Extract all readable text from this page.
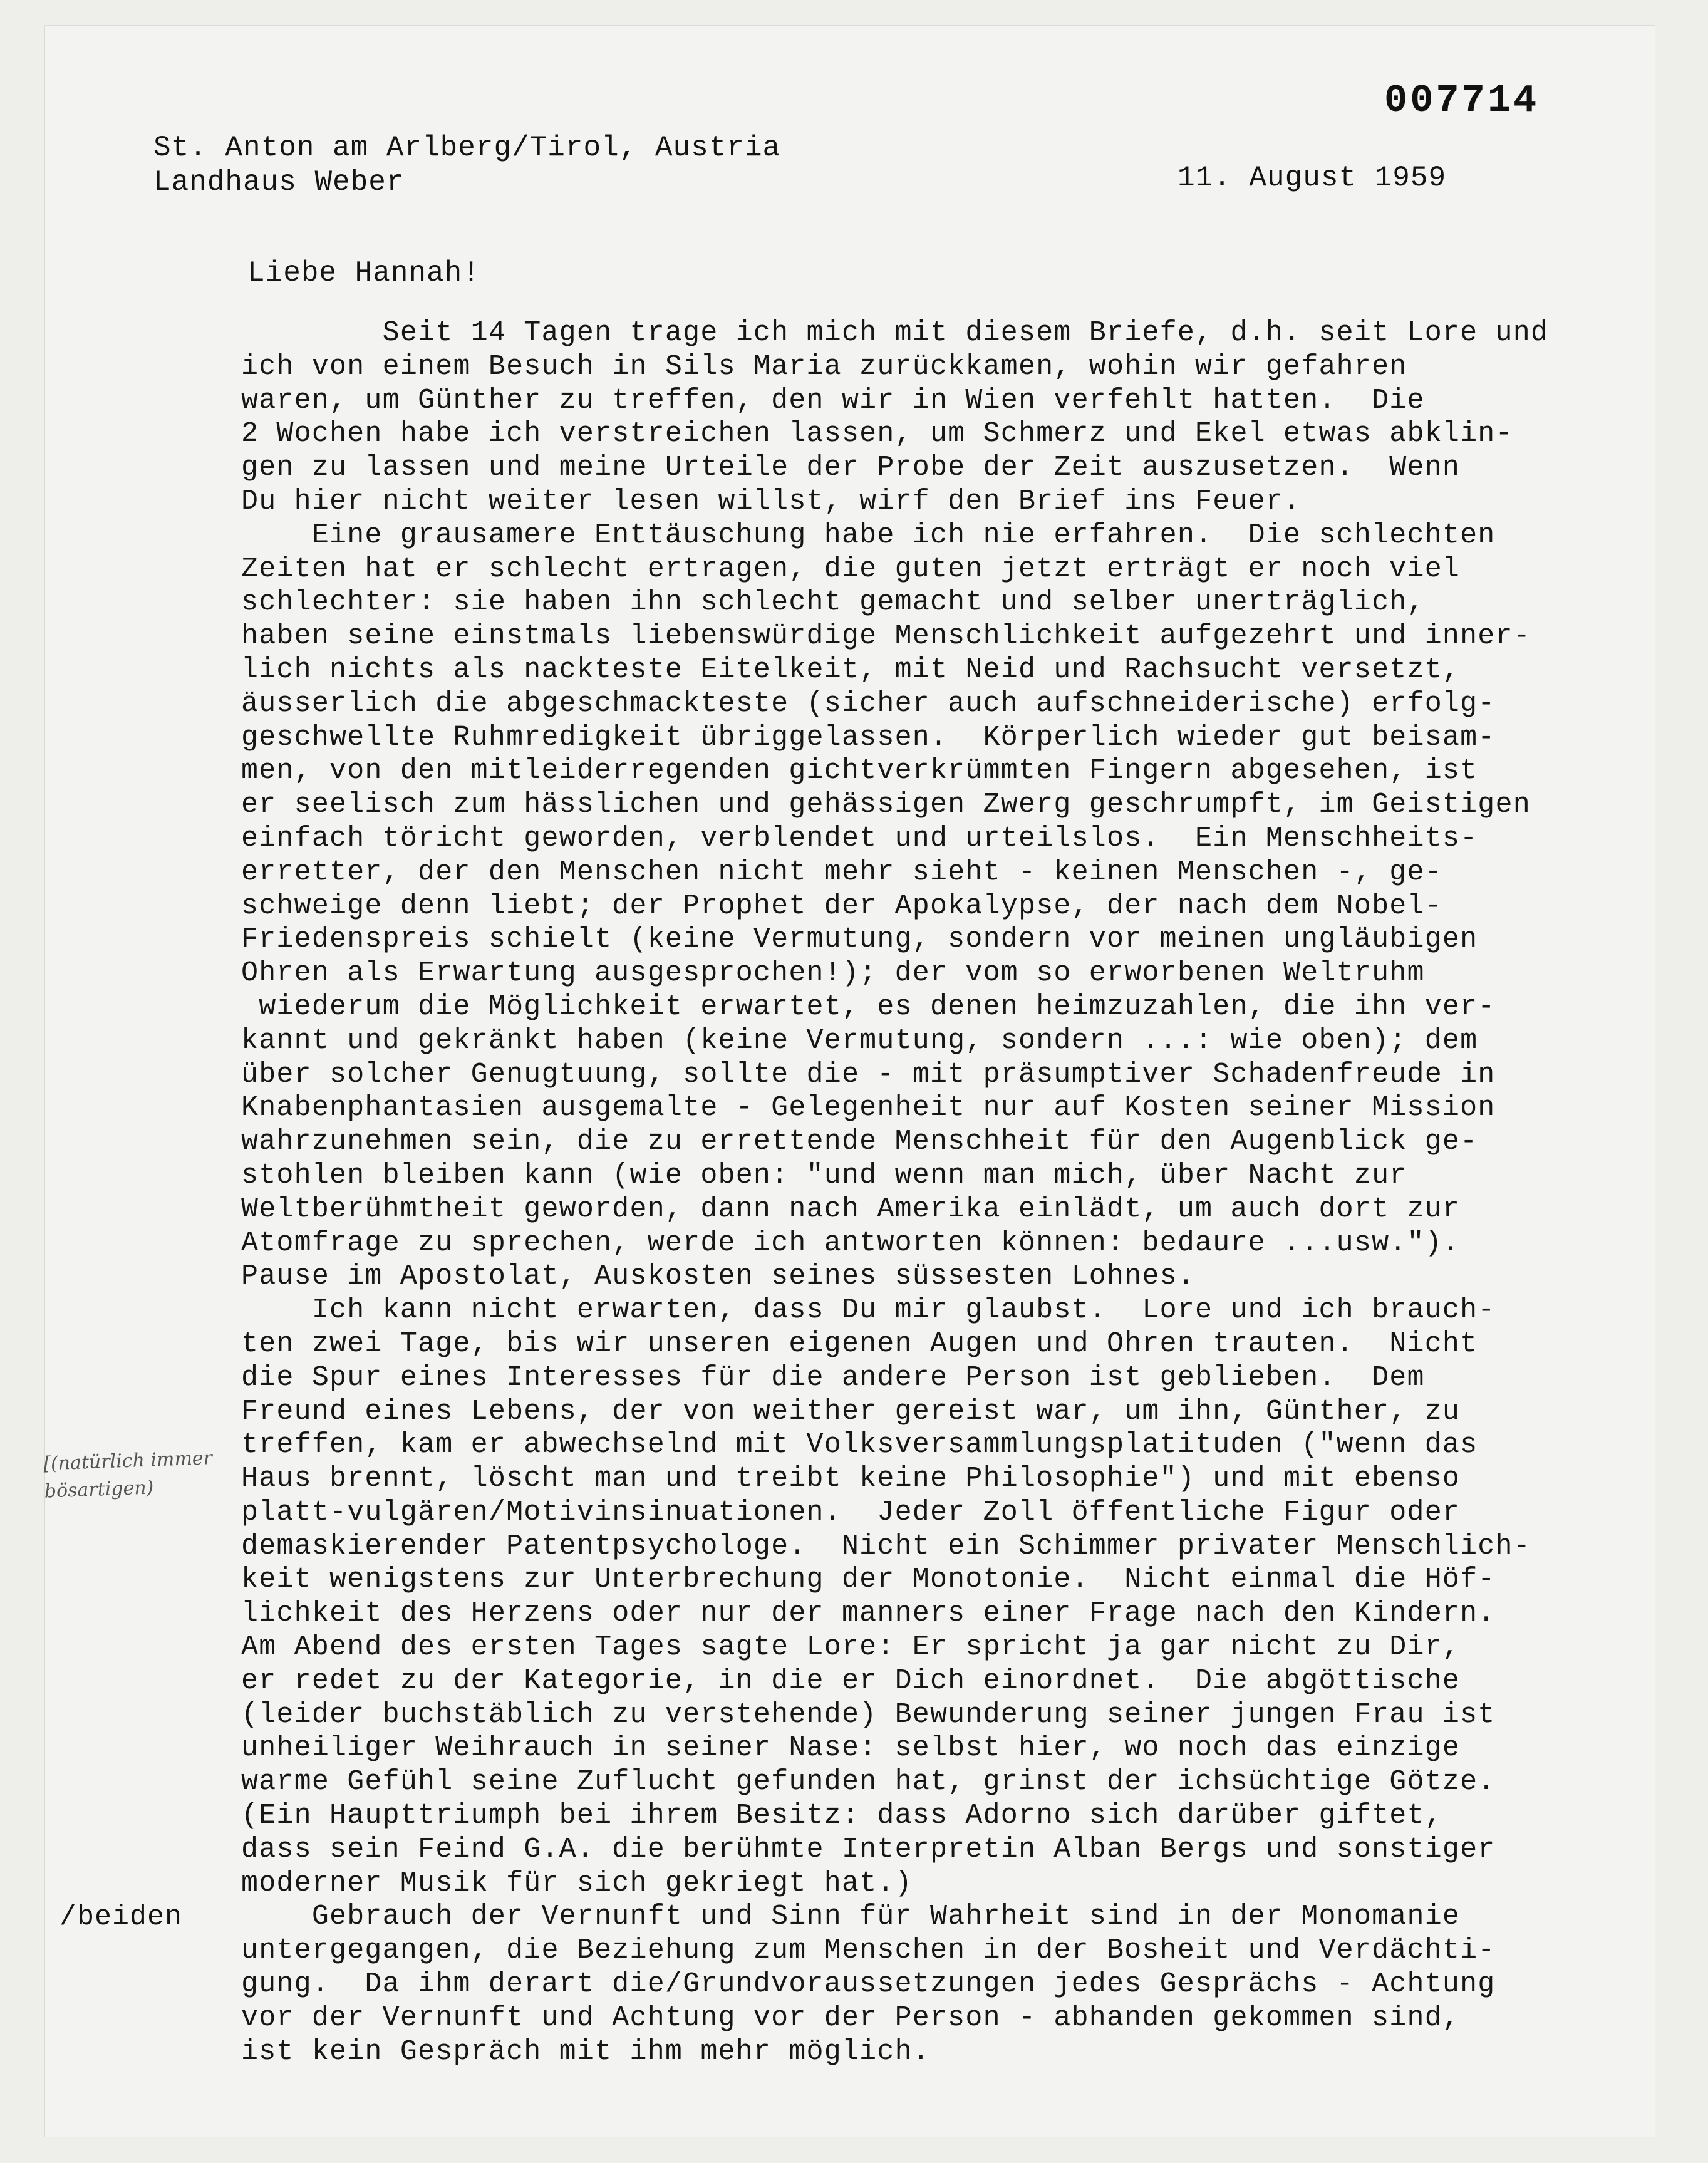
007714
St. Anton am Arlberg/Tirol, Austria
Landhaus Weber	11. August 1959
Liebe Hannah!
Seit 14 Tagen trage ich mich mit diesem Briefe, d.h. seit Lore und
ich von einem Besuch in Sils Maria zurückkamen, wohin wir gefahren
waren, um Günther zu treffen, den wir in Wien verfehlt hatten.  Die
2 Wochen habe ich verstreichen lassen, um Schmerz und Ekel etwas abklin-
gen zu lassen und meine Urteile der Probe der Zeit auszusetzen.  Wenn
Du hier nicht weiter lesen willst, wirf den Brief ins Feuer.
Eine grausamere Enttäuschung habe ich nie erfahren.  Die schlechten
Zeiten hat er schlecht ertragen, die guten jetzt erträgt er noch viel
schlechter: sie haben ihn schlecht gemacht und selber unerträglich,
haben seine einstmals liebenswürdige Menschlichkeit aufgezehrt und inner-
lich nichts als nackteste Eitelkeit, mit Neid und Rachsucht versetzt,
äusserlich die abgeschmackteste (sicher auch aufschneiderische) erfolg-
geschwellte Ruhmredigkeit übriggelassen.  Körperlich wieder gut beisam-
men, von den mitleiderregenden gichtverkrümmten Fingern abgesehen, ist
er seelisch zum hässlichen und gehässigen Zwerg geschrumpft, im Geistigen
einfach töricht geworden, verblendet und urteilslos.  Ein Menschheits-
erretter, der den Menschen nicht mehr sieht - keinen Menschen -, ge-
schweige denn liebt; der Prophet der Apokalypse, der nach dem Nobel-
Friedenspreis schielt (keine Vermutung, sondern vor meinen ungläubigen
Ohren als Erwartung ausgesprochen!); der vom so erworbenen Weltruhm
wiederum die Möglichkeit erwartet, es denen heimzuzahlen, die ihn ver-
kannt und gekränkt haben (keine Vermutung, sondern ...: wie oben); dem
über solcher Genugtuung, sollte die - mit präsumptiver Schadenfreude in
Knabenphantasien ausgemalte - Gelegenheit nur auf Kosten seiner Mission
wahrzunehmen sein, die zu errettende Menschheit für den Augenblick ge-
stohlen bleiben kann (wie oben: "und wenn man mich, über Nacht zur
Weltberühmtheit geworden, dann nach Amerika einlädt, um auch dort zur
Atomfrage zu sprechen, werde ich antworten können: bedaure ...usw.").
Pause im Apostolat, Auskosten seines süssesten Lohnes.
Ich kann nicht erwarten, dass Du mir glaubst.  Lore und ich brauch-
ten zwei Tage, bis wir unseren eigenen Augen und Ohren trauten.  Nicht
die Spur eines Interesses für die andere Person ist geblieben.  Dem
Freund eines Lebens, der von weither gereist war, um ihn, Günther, zu
treffen, kam er abwechselnd mit Volksversammlungsplatituden ("wenn das
Haus brennt, löscht man und treibt keine Philosophie") und mit ebenso
platt-vulgären/Motivinsinuationen.  Jeder Zoll öffentliche Figur oder
demaskierender Patentpsychologe.  Nicht ein Schimmer privater Menschlich-
keit wenigstens zur Unterbrechung der Monotonie.  Nicht einmal die Höf-
lichkeit des Herzens oder nur der manners einer Frage nach den Kindern.
Am Abend des ersten Tages sagte Lore: Er spricht ja gar nicht zu Dir,
er redet zu der Kategorie, in die er Dich einordnet.  Die abgöttische
(leider buchstäblich zu verstehende) Bewunderung seiner jungen Frau ist
unheiliger Weihrauch in seiner Nase: selbst hier, wo noch das einzige
warme Gefühl seine Zuflucht gefunden hat, grinst der ichsüchtige Götze.
(Ein Haupttriumph bei ihrem Besitz: dass Adorno sich darüber giftet,
dass sein Feind G.A. die berühmte Interpretin Alban Bergs und sonstiger
moderner Musik für sich gekriegt hat.)
Gebrauch der Vernunft und Sinn für Wahrheit sind in der Monomanie
untergegangen, die Beziehung zum Menschen in der Bosheit und Verdächti-
gung.  Da ihm derart die/Grundvoraussetzungen jedes Gesprächs - Achtung
vor der Vernunft und Achtung vor der Person - abhanden gekommen sind,
ist kein Gespräch mit ihm mehr möglich.
[(natürlich immer bösartigen)
/beiden
